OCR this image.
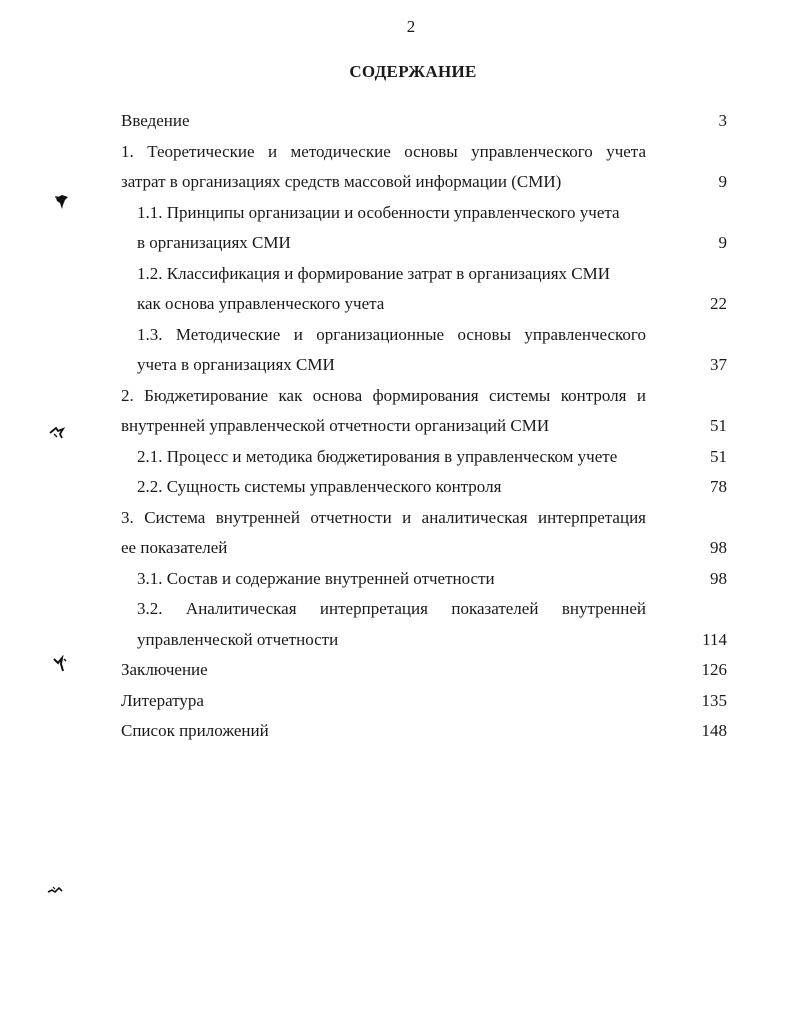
2
СОДЕРЖАНИЕ
Введение	3
1. Теоретические и методические основы управленческого учета
затрат в организациях средств массовой информации (СМИ)	9
1.1. Принципы организации и особенности управленческого учета
в организациях СМИ	9
1.2. Классификация и формирование затрат в организациях СМИ
как основа управленческого учета	22
1.3. Методические и организационные основы управленческого
учета в организациях СМИ	37
2. Бюджетирование как основа формирования системы контроля и
внутренней управленческой отчетности организаций СМИ	51
2.1. Процесс и методика бюджетирования в управленческом учете	51
2.2. Сущность системы управленческого контроля	78
3. Система внутренней отчетности и аналитическая интерпретация
ее показателей	98
3.1. Состав и содержание внутренней отчетности	98
3.2. Аналитическая интерпретация показателей внутренней
управленческой отчетности	114
Заключение	126
Литература	135
Список приложений	148
